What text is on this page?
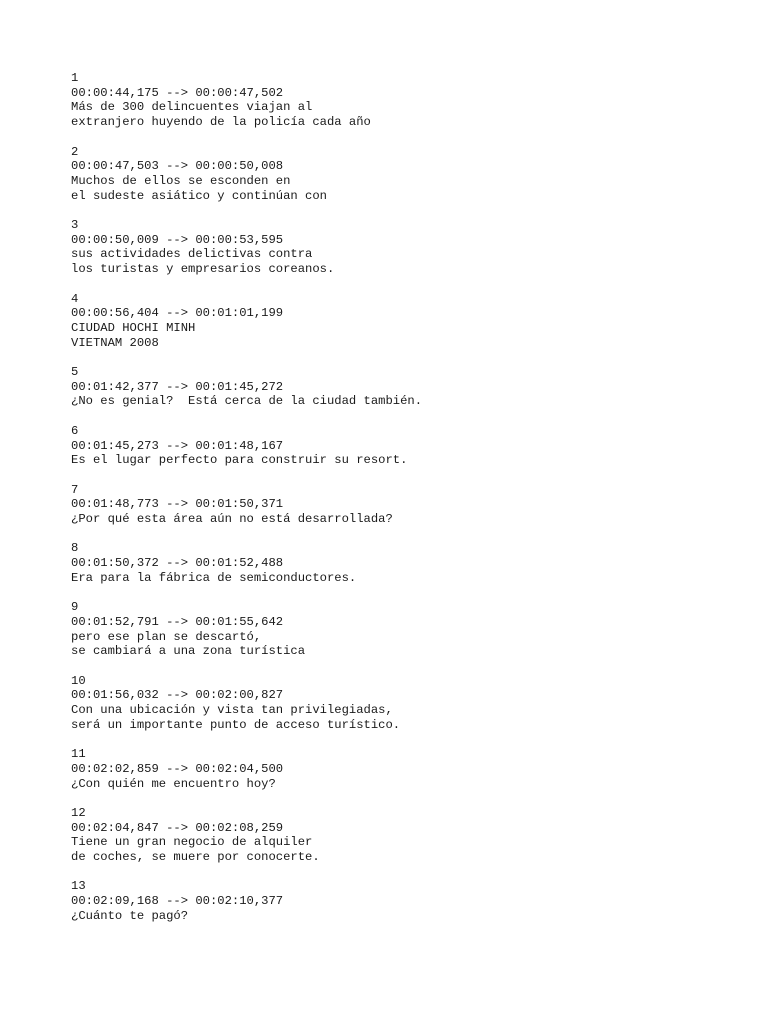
1
00:00:44,175 --> 00:00:47,502
Más de 300 delincuentes viajan al
extranjero huyendo de la policía cada año
2
00:00:47,503 --> 00:00:50,008
Muchos de ellos se esconden en
el sudeste asiático y continúan con
3
00:00:50,009 --> 00:00:53,595
sus actividades delictivas contra
los turistas y empresarios coreanos.
4
00:00:56,404 --> 00:01:01,199
CIUDAD HOCHI MINH
VIETNAM 2008
5
00:01:42,377 --> 00:01:45,272
¿No es genial?  Está cerca de la ciudad también.
6
00:01:45,273 --> 00:01:48,167
Es el lugar perfecto para construir su resort.
7
00:01:48,773 --> 00:01:50,371
¿Por qué esta área aún no está desarrollada?
8
00:01:50,372 --> 00:01:52,488
Era para la fábrica de semiconductores.
9
00:01:52,791 --> 00:01:55,642
pero ese plan se descartó,
se cambiará a una zona turística
10
00:01:56,032 --> 00:02:00,827
Con una ubicación y vista tan privilegiadas,
será un importante punto de acceso turístico.
11
00:02:02,859 --> 00:02:04,500
¿Con quién me encuentro hoy?
12
00:02:04,847 --> 00:02:08,259
Tiene un gran negocio de alquiler
de coches, se muere por conocerte.
13
00:02:09,168 --> 00:02:10,377
¿Cuánto te pagó?
